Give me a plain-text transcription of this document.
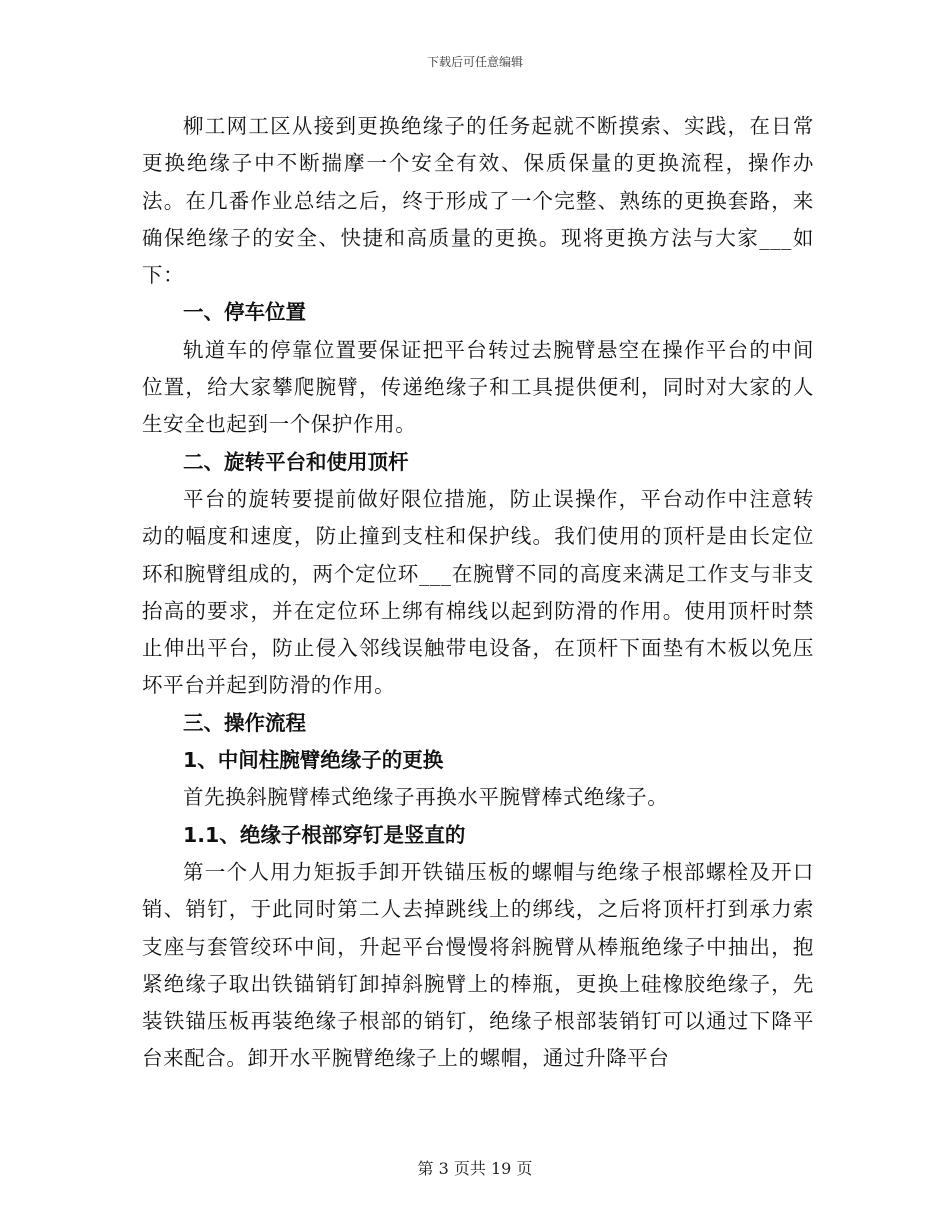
下载后可任意编辑

柳工网工区从接到更换绝缘子的任务起就不断摸索、实践，在日常更换绝缘子中不断揣摩一个安全有效、保质保量的更换流程，操作办法。在几番作业总结之后，终于形成了一个完整、熟练的更换套路，来确保绝缘子的安全、快捷和高质量的更换。现将更换方法与大家___如下：

一、停车位置

轨道车的停靠位置要保证把平台转过去腕臂悬空在操作平台的中间位置，给大家攀爬腕臂，传递绝缘子和工具提供便利，同时对大家的人生安全也起到一个保护作用。

二、旋转平台和使用顶杆

平台的旋转要提前做好限位措施，防止误操作，平台动作中注意转动的幅度和速度，防止撞到支柱和保护线。我们使用的顶杆是由长定位环和腕臂组成的，两个定位环___在腕臂不同的高度来满足工作支与非支抬高的要求，并在定位环上绑有棉线以起到防滑的作用。使用顶杆时禁止伸出平台，防止侵入邻线误触带电设备，在顶杆下面垫有木板以免压坏平台并起到防滑的作用。

三、操作流程

1、中间柱腕臂绝缘子的更换

首先换斜腕臂棒式绝缘子再换水平腕臂棒式绝缘子。

1.1、绝缘子根部穿钉是竖直的

第一个人用力矩扳手卸开铁锚压板的螺帽与绝缘子根部螺栓及开口销、销钉，于此同时第二人去掉跳线上的绑线，之后将顶杆打到承力索支座与套管绞环中间，升起平台慢慢将斜腕臂从棒瓶绝缘子中抽出，抱紧绝缘子取出铁锚销钉卸掉斜腕臂上的棒瓶，更换上硅橡胶绝缘子，先装铁锚压板再装绝缘子根部的销钉，绝缘子根部装销钉可以通过下降平台来配合。卸开水平腕臂绝缘子上的螺帽，通过升降平台

第 3 页共 19 页
